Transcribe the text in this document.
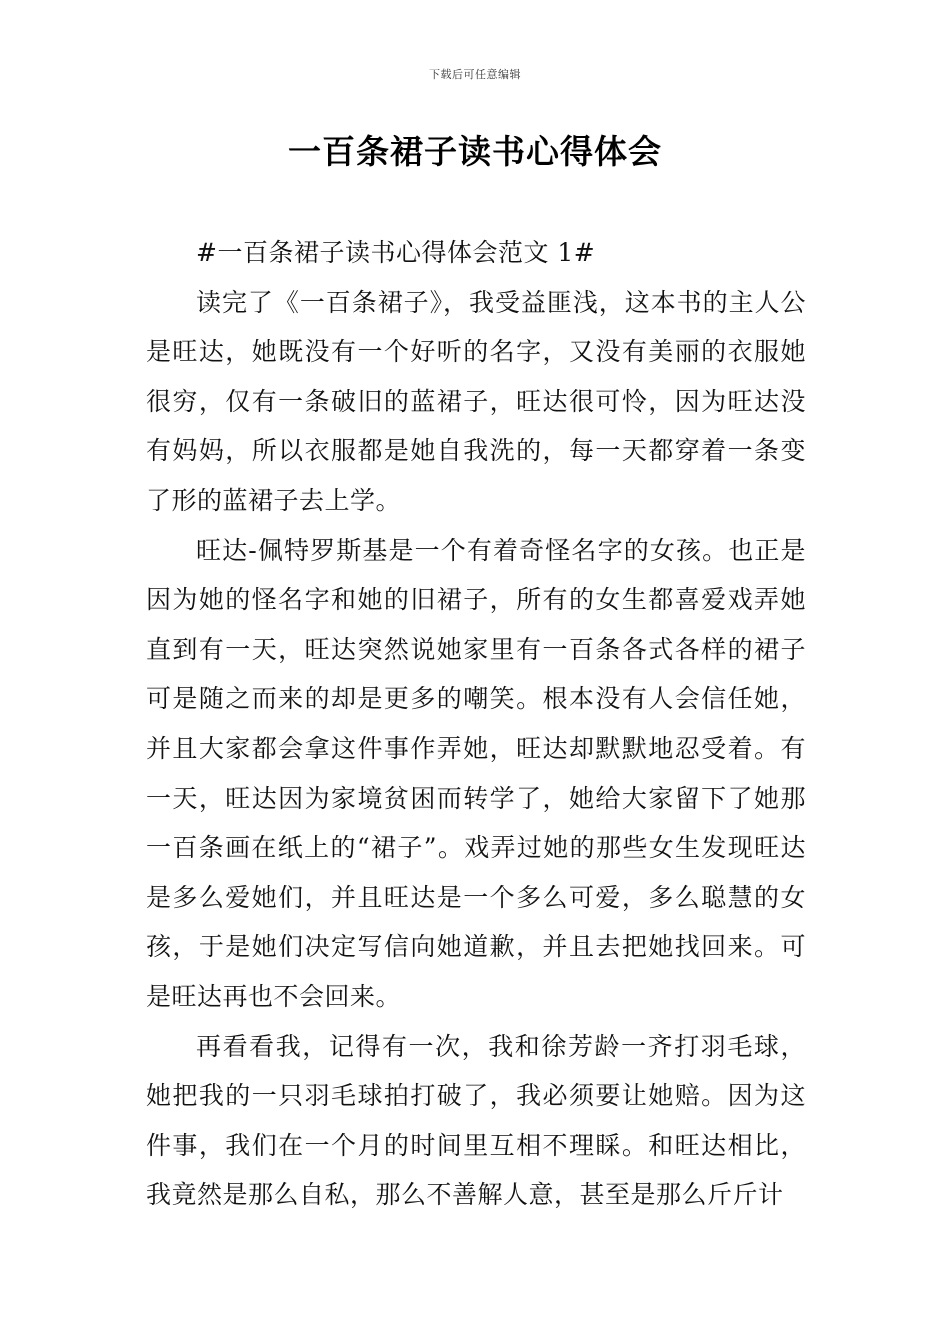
下载后可任意编辑
一百条裙子读书心得体会

#一百条裙子读书心得体会范文 1#

读完了《一百条裙子》，我受益匪浅，这本书的主人公是旺达，她既没有一个好听的名字，又没有美丽的衣服她很穷，仅有一条破旧的蓝裙子，旺达很可怜，因为旺达没有妈妈，所以衣服都是她自我洗的，每一天都穿着一条变了形的蓝裙子去上学。

旺达-佩特罗斯基是一个有着奇怪名字的女孩。也正是因为她的怪名字和她的旧裙子，所有的女生都喜爱戏弄她直到有一天，旺达突然说她家里有一百条各式各样的裙子可是随之而来的却是更多的嘲笑。根本没有人会信任她，并且大家都会拿这件事作弄她，旺达却默默地忍受着。有一天，旺达因为家境贫困而转学了，她给大家留下了她那一百条画在纸上的“裙子”。戏弄过她的那些女生发现旺达是多么爱她们，并且旺达是一个多么可爱，多么聪慧的女孩，于是她们决定写信向她道歉，并且去把她找回来。可是旺达再也不会回来。

再看看我，记得有一次，我和徐芳龄一齐打羽毛球，她把我的一只羽毛球拍打破了，我必须要让她赔。因为这件事，我们在一个月的时间里互相不理睬。和旺达相比，我竟然是那么自私，那么不善解人意，甚至是那么斤斤计
